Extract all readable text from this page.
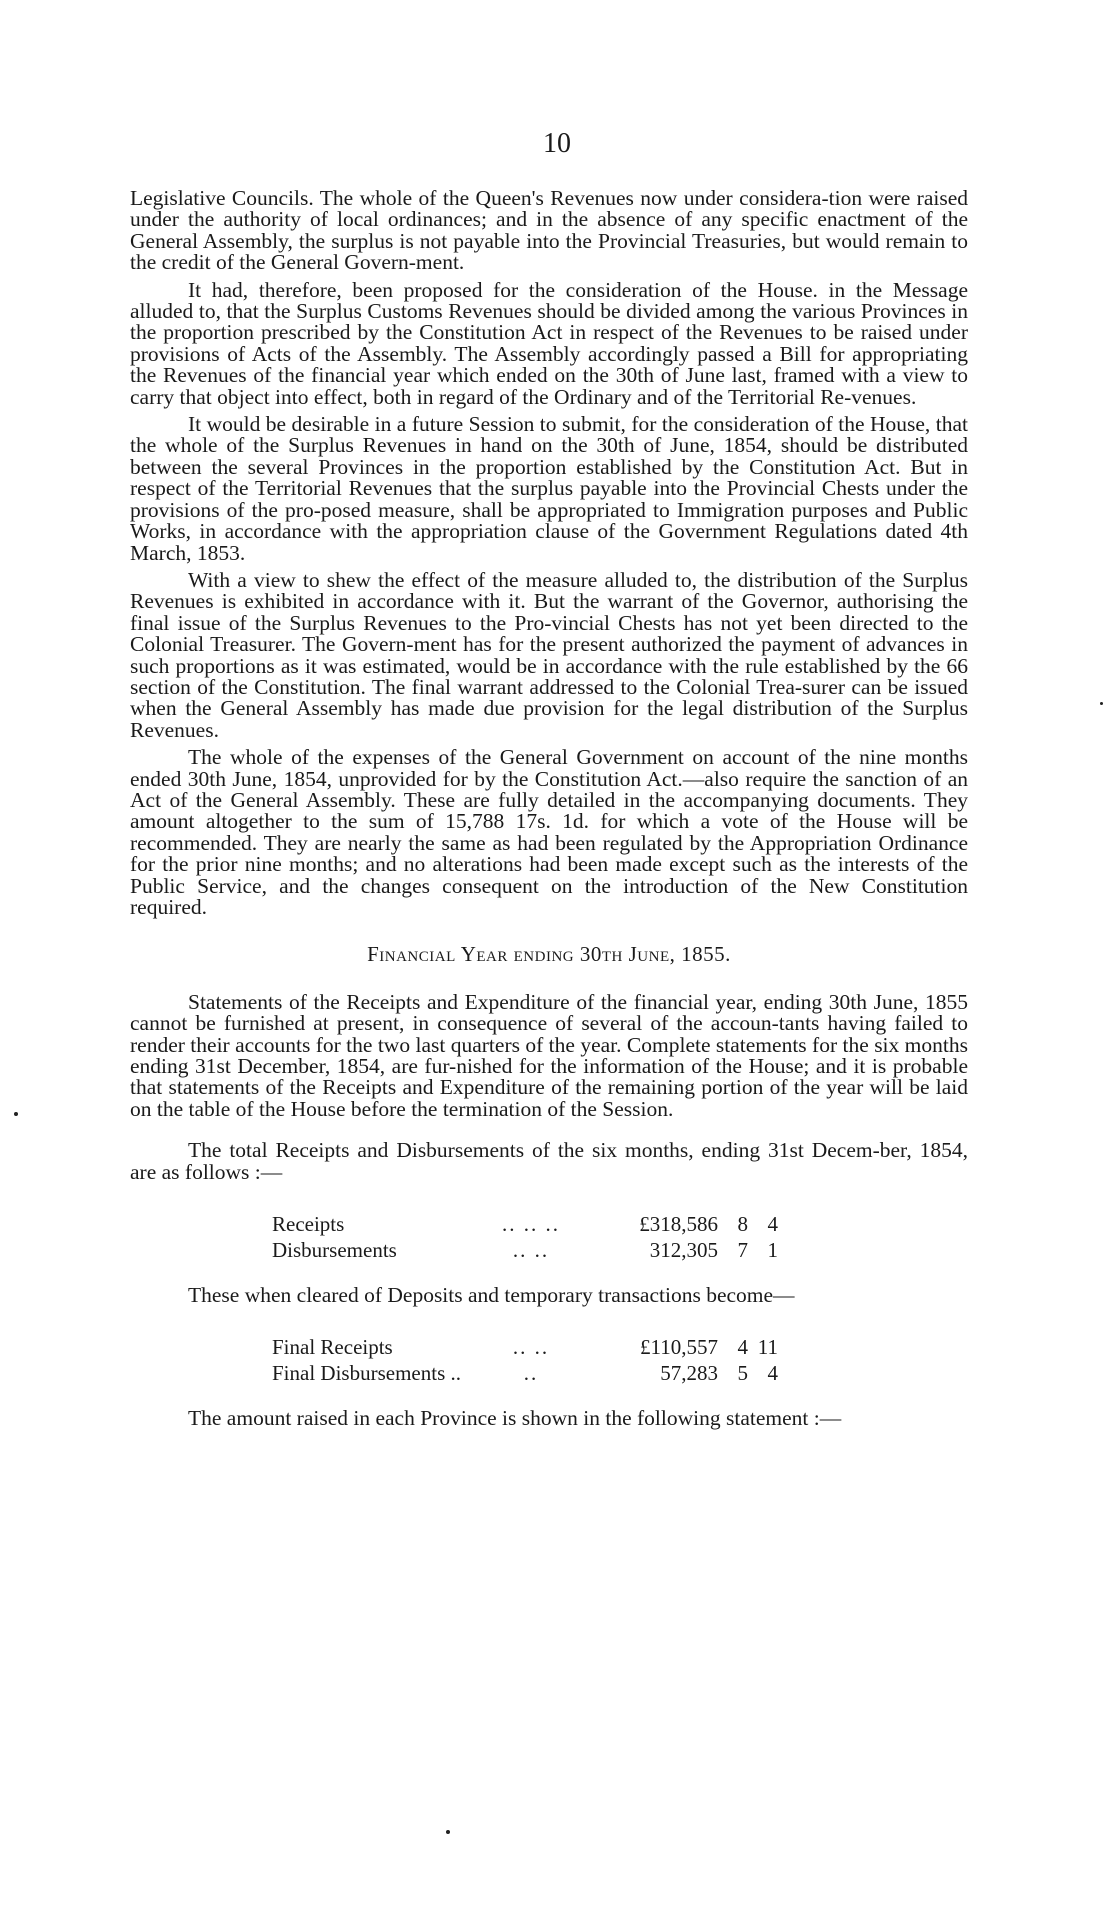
10

Legislative Councils. The whole of the Queen's Revenues now under considera-tion were raised under the authority of local ordinances; and in the absence of any specific enactment of the General Assembly, the surplus is not payable into the Provincial Treasuries, but would remain to the credit of the General Govern-ment.

It had, therefore, been proposed for the consideration of the House. in the Message alluded to, that the Surplus Customs Revenues should be divided among the various Provinces in the proportion prescribed by the Constitution Act in respect of the Revenues to be raised under provisions of Acts of the Assembly. The Assembly accordingly passed a Bill for appropriating the Revenues of the financial year which ended on the 30th of June last, framed with a view to carry that object into effect, both in regard of the Ordinary and of the Territorial Re-venues.

It would be desirable in a future Session to submit, for the consideration of the House, that the whole of the Surplus Revenues in hand on the 30th of June, 1854, should be distributed between the several Provinces in the proportion established by the Constitution Act. But in respect of the Territorial Revenues that the surplus payable into the Provincial Chests under the provisions of the pro-posed measure, shall be appropriated to Immigration purposes and Public Works, in accordance with the appropriation clause of the Government Regulations dated 4th March, 1853.

With a view to shew the effect of the measure alluded to, the distribution of the Surplus Revenues is exhibited in accordance with it. But the warrant of the Governor, authorising the final issue of the Surplus Revenues to the Pro-vincial Chests has not yet been directed to the Colonial Treasurer. The Govern-ment has for the present authorized the payment of advances in such proportions as it was estimated, would be in accordance with the rule established by the 66 section of the Constitution. The final warrant addressed to the Colonial Trea-surer can be issued when the General Assembly has made due provision for the legal distribution of the Surplus Revenues.

The whole of the expenses of the General Government on account of the nine months ended 30th June, 1854, unprovided for by the Constitution Act.—also require the sanction of an Act of the General Assembly. These are fully detailed in the accompanying documents. They amount altogether to the sum of 15,788 17s. 1d. for which a vote of the House will be recommended. They are nearly the same as had been regulated by the Appropriation Ordinance for the prior nine months; and no alterations had been made except such as the interests of the Public Service, and the changes consequent on the introduction of the New Constitution required.

Financial Year ending 30th June, 1855.

Statements of the Receipts and Expenditure of the financial year, ending 30th June, 1855 cannot be furnished at present, in consequence of several of the accoun-tants having failed to render their accounts for the two last quarters of the year. Complete statements for the six months ending 31st December, 1854, are fur-nished for the information of the House; and it is probable that statements of the Receipts and Expenditure of the remaining portion of the year will be laid on the table of the House before the termination of the Session.

The total Receipts and Disbursements of the six months, ending 31st Decem-ber, 1854, are as follows :—

Receipts	.. .. ..	£318,586	8	4
Disbursements	.. ..	312,305	7	1

These when cleared of Deposits and temporary transactions become—

Final Receipts	.. ..	£110,557	4	11
Final Disbursements ..	..	57,283	5	4

The amount raised in each Province is shown in the following statement :—
